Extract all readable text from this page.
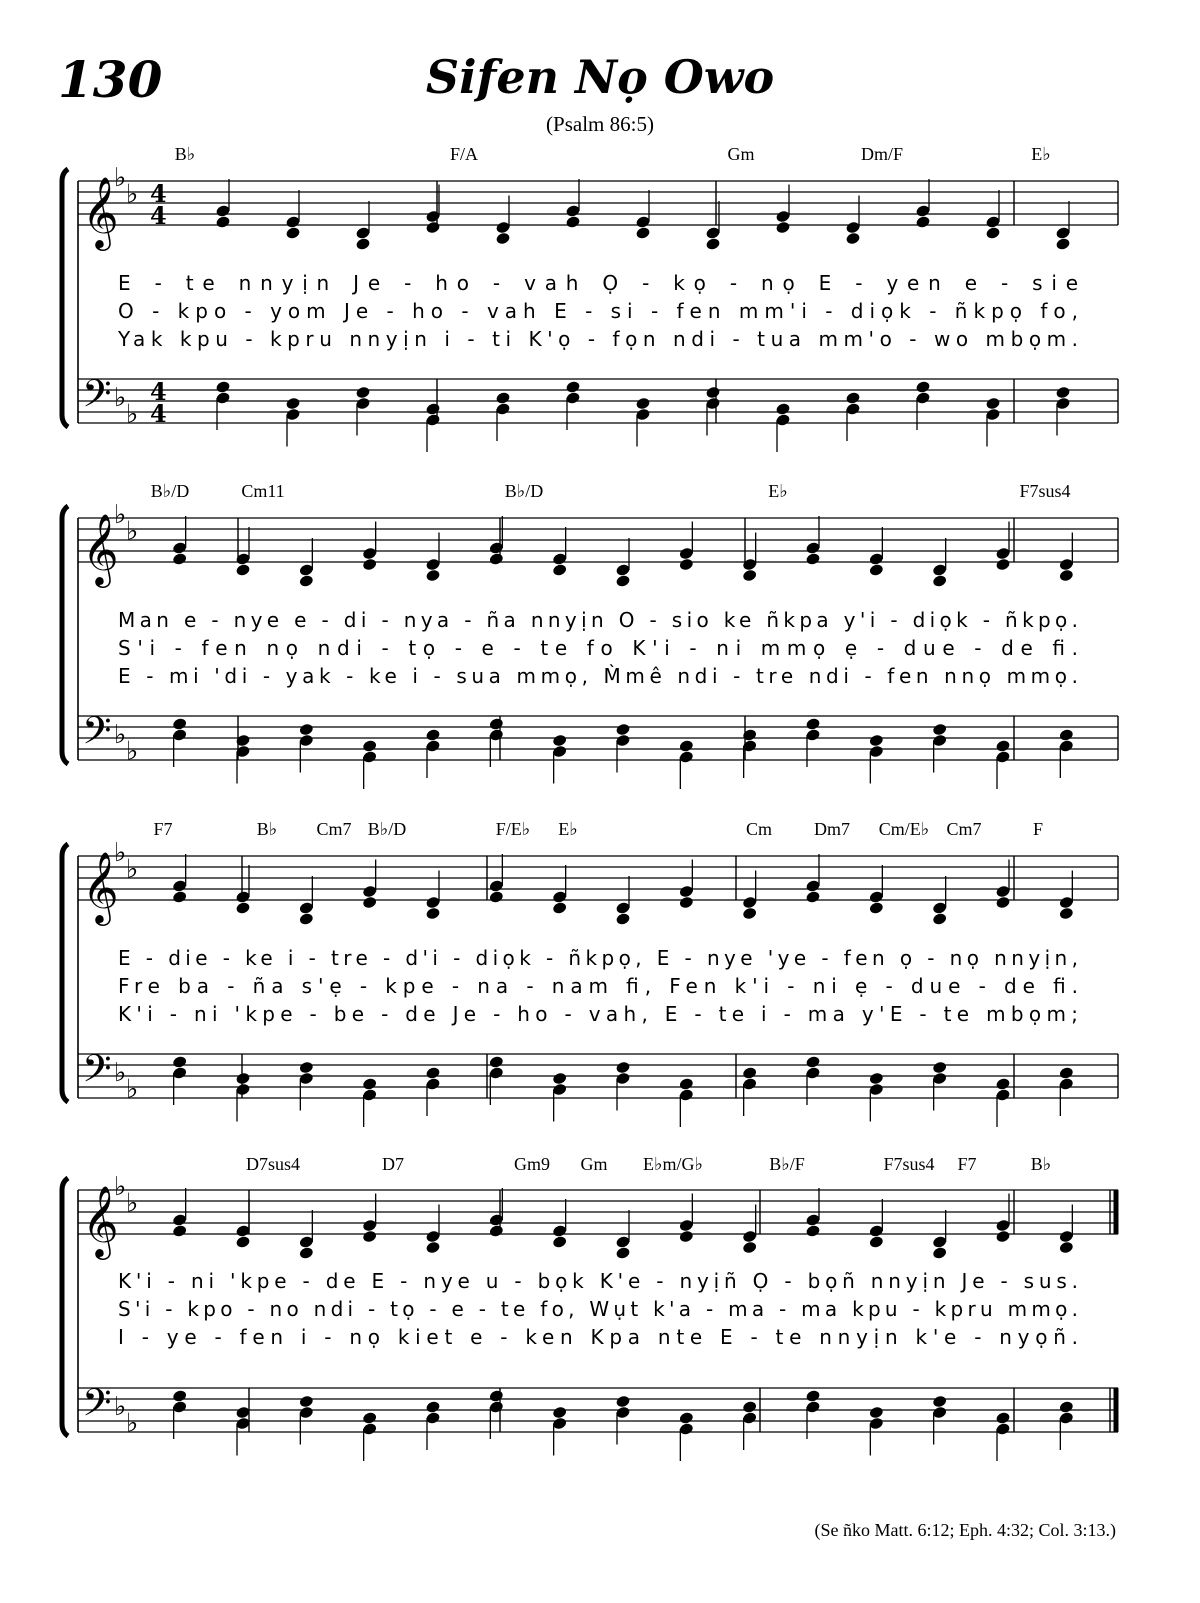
130	Sifen Nọ Owo
(Psalm 86:5)
B♭	F/A	Gm	Dm/F	E♭
𝄞
♭
♭ 4
4
𝄢 ♭
♭
4
4
E - te nnyịn Je - ho - vah Ọ - kọ - nọ E - yen e - sie
O - kpo - yom Je - ho - vah E - si - fen mm'i - diọk - ñkpọ fo,
Yak kpu - kpru nnyịn i - ti K'ọ - fọn ndi - tua mm'o - wo mbọm.
B♭/D	Cm11	B♭/D	E♭	F7sus4
𝄞
♭
♭
𝄢 ♭
♭
Man e - nye e - di - nya - ña nnyịn O - sio ke ñkpa y'i - diọk - ñkpọ.
S'i - fen nọ ndi - tọ - e - te fo K'i - ni mmọ ẹ - due - de fi.
E - mi 'di - yak - ke i - sua mmọ, M̀mê ndi - tre ndi - fen nnọ mmọ.
F7	B♭ Cm7 B♭/D	F/E♭ E♭	Cm Dm7 Cm/E♭ Cm7	F
𝄞
♭
♭
𝄢 ♭
♭
E - die - ke i - tre - d'i - diọk - ñkpọ, E - nye 'ye - fen ọ - nọ nnyịn,
Fre ba - ña s'ẹ - kpe - na - nam fi, Fen k'i - ni ẹ - due - de fi.
K'i - ni 'kpe - be - de Je - ho - vah, E - te i - ma y'E - te mbọm;
D7sus4	D7	Gm9 Gm E♭m/G♭	B♭/F	F7sus4 F7	B♭
𝄞
♭
♭
𝄢 ♭
♭
K'i - ni 'kpe - de E - nye u - bọk K'e - nyịñ Ọ - bọñ nnyịn Je - sus.
S'i - kpo - no ndi - tọ - e - te fo, Wụt k'a - ma - ma kpu - kpru mmọ.
I - ye - fen i - nọ kiet e - ken Kpa nte E - te nnyịn k'e - nyọñ.
(Se ñko Matt. 6:12; Eph. 4:32; Col. 3:13.)
